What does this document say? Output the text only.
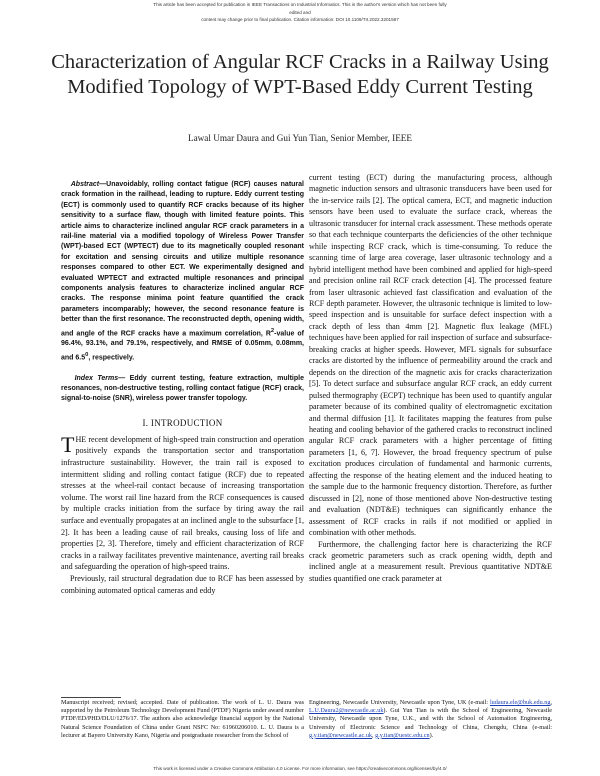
This article has been accepted for publication in IEEE Transactions on Industrial Informatics. This is the author's version which has not been fully edited and
content may change prior to final publication. Citation information: DOI 10.1109/TII.2022.3201587
Characterization of Angular RCF Cracks in a Railway Using Modified Topology of WPT-Based Eddy Current Testing
Lawal Umar Daura and Gui Yun Tian, Senior Member, IEEE

Abstract—Unavoidably, rolling contact fatigue (RCF) causes natural crack formation in the railhead, leading to rupture. Eddy current testing (ECT) is commonly used to quantify RCF cracks because of its higher sensitivity to a surface flaw, though with limited feature points. This article aims to characterize inclined angular RCF crack parameters in a rail-line material via a modified topology of Wireless Power Transfer (WPT)-based ECT (WPTECT) due to its magnetically coupled resonant for excitation and sensing circuits and utilize multiple resonance responses compared to other ECT. We experimentally designed and evaluated WPTECT and extracted multiple resonances and principal components analysis features to characterize inclined angular RCF cracks. The response minima point feature quantified the crack parameters incomparably; however, the second resonance feature is better than the first resonance. The reconstructed depth, opening width, and angle of the RCF cracks have a maximum correlation, $R^2$-value of 96.4%, 93.1%, and 79.1%, respectively, and RMSE of 0.05mm, 0.08mm, and $6.5^0$, respectively.

Index Terms— Eddy current testing, feature extraction, multiple resonances, non-destructive testing, rolling contact fatigue (RCF) crack, signal-to-noise (SNR), wireless power transfer topology.

I. INTRODUCTION

THE recent development of high-speed train construction and operation positively expands the transportation sector and transportation infrastructure sustainability. However, the train rail is exposed to intermittent sliding and rolling contact fatigue (RCF) due to repeated stresses at the wheel-rail contact because of increasing transportation volume. The worst rail line hazard from the RCF consequences is caused by multiple cracks initiation from the surface by tiring away the rail surface and eventually propagates at an inclined angle to the subsurface [1, 2]. It has been a leading cause of rail breaks, causing loss of life and properties [2, 3]. Therefore, timely and efficient characterization of RCF cracks in a railway facilitates preventive maintenance, averting rail breaks and safeguarding the operation of high-speed trains.

Previously, rail structural degradation due to RCF has been assessed by combining automated optical cameras and eddy

current testing (ECT) during the manufacturing process, although magnetic induction sensors and ultrasonic transducers have been used for the in-service rails [2]. The optical camera, ECT, and magnetic induction sensors have been used to evaluate the surface crack, whereas the ultrasonic transducer for internal crack assessment. These methods operate so that each technique counterparts the deficiencies of the other technique while inspecting RCF crack, which is time-consuming. To reduce the scanning time of large area coverage, laser ultrasonic technology and a hybrid intelligent method have been combined and applied for high-speed and precision online rail RCF crack detection [4]. The processed feature from laser ultrasonic achieved fast classification and evaluation of the RCF depth parameter. However, the ultrasonic technique is limited to low-speed inspection and is unsuitable for surface defect inspection with a crack depth of less than 4mm [2]. Magnetic flux leakage (MFL) techniques have been applied for rail inspection of surface and subsurface-breaking cracks at higher speeds. However, MFL signals for subsurface cracks are distorted by the influence of permeability around the crack and depends on the direction of the magnetic axis for cracks characterization [5]. To detect surface and subsurface angular RCF crack, an eddy current pulsed thermography (ECPT) technique has been used to quantify angular parameter because of its combined quality of electromagnetic excitation and thermal diffusion [1]. It facilitates mapping the features from pulse heating and cooling behavior of the gathered cracks to reconstruct inclined angular RCF crack parameters with a higher percentage of fitting parameters [1, 6, 7]. However, the broad frequency spectrum of pulse excitation produces circulation of fundamental and harmonic currents, affecting the response of the heating element and the induced heating to the sample due to the harmonic frequency distortion. Therefore, as further discussed in [2], none of those mentioned above Non-destructive testing and evaluation (NDT&E) techniques can significantly enhance the assessment of RCF cracks in rails if not modified or applied in combination with other methods.

Furthermore, the challenging factor here is characterizing the RCF crack geometric parameters such as crack opening width, depth and inclined angle at a measurement result. Previous quantitative NDT&E studies quantified one crack parameter at

Manuscript received; revised; accepted. Date of publication. The work of L. U. Daura was supported by the Petroleum Technology Development Fund (PTDF) Nigeria under award number PTDF/ED/PHD/DLU/1276/17. The authors also acknowledge financial support by the National Natural Science Foundation of China under Grant NSFC No: 61960206010. L. U. Daura is a lecturer at Bayero University Kano, Nigeria and postgraduate researcher from the School of

Engineering, Newcastle University, Newcastle upon Tyne, UK (e-mail: ludaura.ele@buk.edu.ng, L.U.Daura2@newcastle.ac.uk). Gui Yun Tian is with the School of Engineering, Newcastle University, Newcastle upon Tyne, U.K., and with the School of Automation Engineering, University of Electronic Science and Technology of China, Chengdu, China (e-mail: g.y.tian@newcastle.ac.uk, g.y.tian@uestc.edu.cn).

This work is licensed under a Creative Commons Attribution 4.0 License. For more information, see https://creativecommons.org/licenses/by/4.0/
